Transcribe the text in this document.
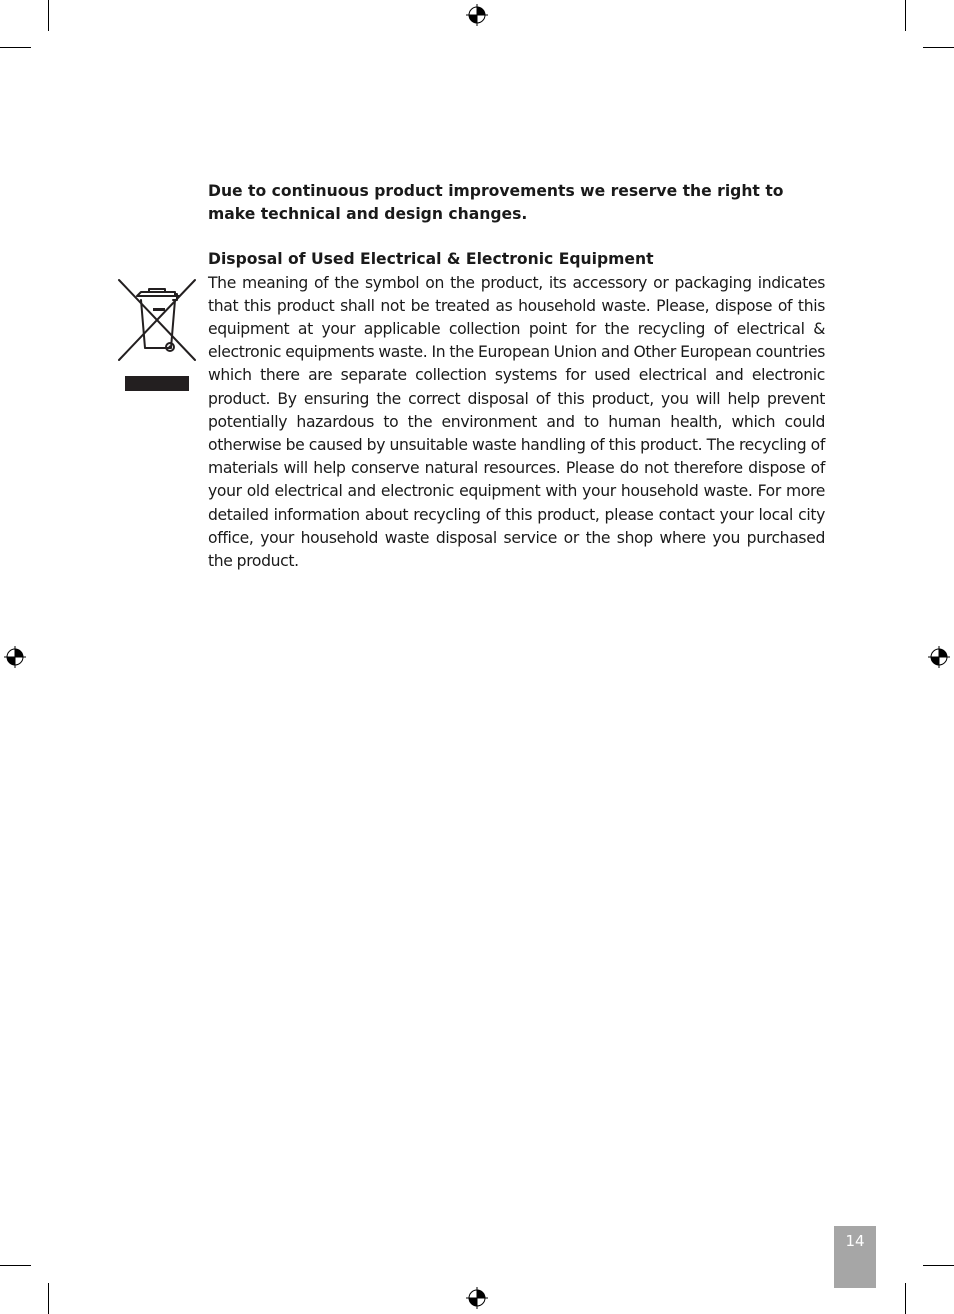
Due to continuous product improvements we reserve the right to make technical and design changes.

Disposal of Used Electrical & Electronic Equipment

The meaning of the symbol on the product, its accessory or packaging indicates that this product shall not be treated as household waste. Please, dispose of this equipment at your applicable collection point for the recycling of electrical & electronic equipments waste. In the European Union and Other European countries which there are separate collection systems for used electrical and electronic product. By ensuring the correct disposal of this product, you will help prevent potentially hazardous to the environment and to human health, which could otherwise be caused by unsuitable waste handling of this product. The recycling of materials will help conserve natural resources. Please do not therefore dispose of your old electrical and electronic equipment with your household waste. For more detailed information about recycling of this product, please contact your local city office, your household waste disposal service or the shop where you purchased the product.

14
